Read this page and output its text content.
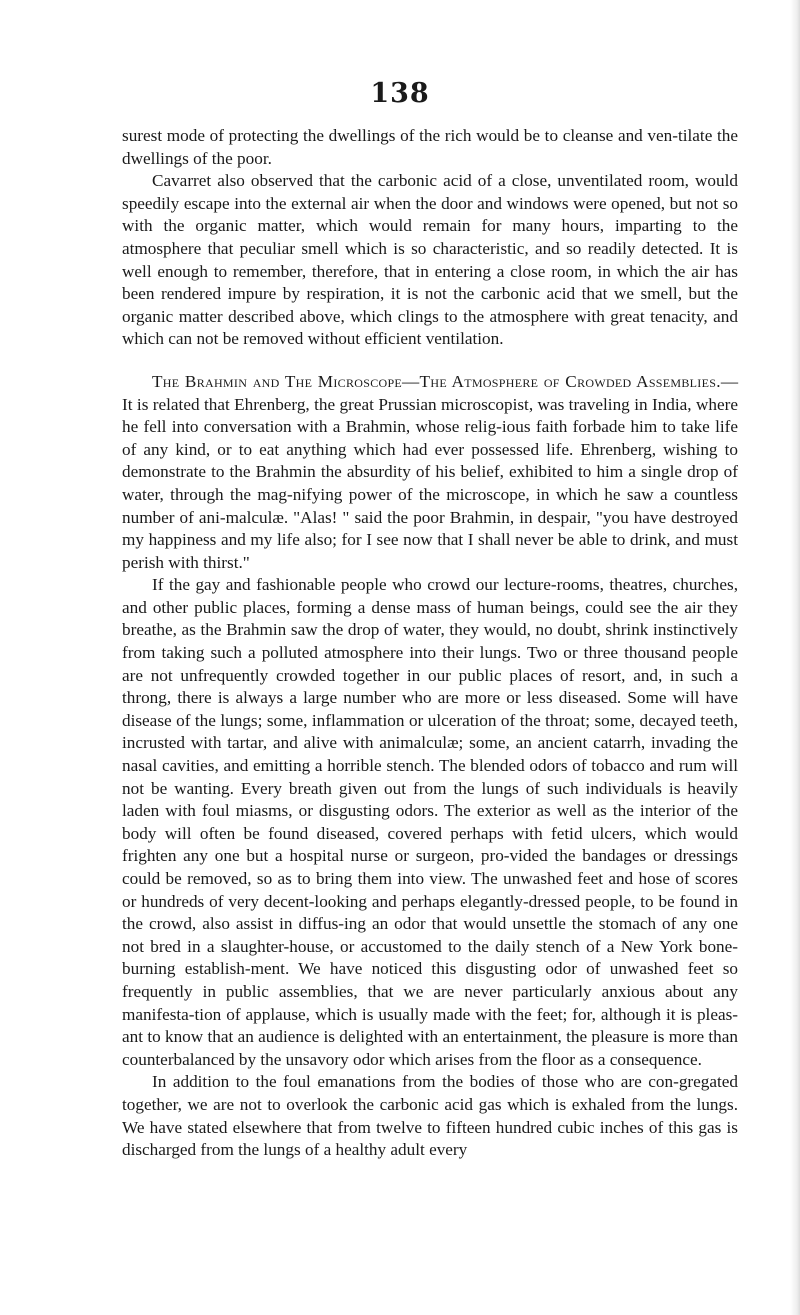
138

surest mode of protecting the dwellings of the rich would be to cleanse and ven-tilate the dwellings of the poor.

Cavarret also observed that the carbonic acid of a close, unventilated room, would speedily escape into the external air when the door and windows were opened, but not so with the organic matter, which would remain for many hours, imparting to the atmosphere that peculiar smell which is so characteristic, and so readily detected. It is well enough to remember, therefore, that in entering a close room, in which the air has been rendered impure by respiration, it is not the carbonic acid that we smell, but the organic matter described above, which clings to the atmosphere with great tenacity, and which can not be removed without efficient ventilation.

The Brahmin and The Microscope—The Atmosphere of Crowded Assemblies.—It is related that Ehrenberg, the great Prussian microscopist, was traveling in India, where he fell into conversation with a Brahmin, whose relig-ious faith forbade him to take life of any kind, or to eat anything which had ever possessed life. Ehrenberg, wishing to demonstrate to the Brahmin the absurdity of his belief, exhibited to him a single drop of water, through the mag-nifying power of the microscope, in which he saw a countless number of ani-malculæ. "Alas! " said the poor Brahmin, in despair, "you have destroyed my happiness and my life also; for I see now that I shall never be able to drink, and must perish with thirst."

If the gay and fashionable people who crowd our lecture-rooms, theatres, churches, and other public places, forming a dense mass of human beings, could see the air they breathe, as the Brahmin saw the drop of water, they would, no doubt, shrink instinctively from taking such a polluted atmosphere into their lungs. Two or three thousand people are not unfrequently crowded together in our public places of resort, and, in such a throng, there is always a large number who are more or less diseased. Some will have disease of the lungs; some, inflammation or ulceration of the throat; some, decayed teeth, incrusted with tartar, and alive with animalculæ; some, an ancient catarrh, invading the nasal cavities, and emitting a horrible stench. The blended odors of tobacco and rum will not be wanting. Every breath given out from the lungs of such individuals is heavily laden with foul miasms, or disgusting odors. The exterior as well as the interior of the body will often be found diseased, covered perhaps with fetid ulcers, which would frighten any one but a hospital nurse or surgeon, pro-vided the bandages or dressings could be removed, so as to bring them into view. The unwashed feet and hose of scores or hundreds of very decent-looking and perhaps elegantly-dressed people, to be found in the crowd, also assist in diffus-ing an odor that would unsettle the stomach of any one not bred in a slaughter-house, or accustomed to the daily stench of a New York bone-burning establish-ment. We have noticed this disgusting odor of unwashed feet so frequently in public assemblies, that we are never particularly anxious about any manifesta-tion of applause, which is usually made with the feet; for, although it is pleas-ant to know that an audience is delighted with an entertainment, the pleasure is more than counterbalanced by the unsavory odor which arises from the floor as a consequence.

In addition to the foul emanations from the bodies of those who are con-gregated together, we are not to overlook the carbonic acid gas which is exhaled from the lungs. We have stated elsewhere that from twelve to fifteen hundred cubic inches of this gas is discharged from the lungs of a healthy adult every
